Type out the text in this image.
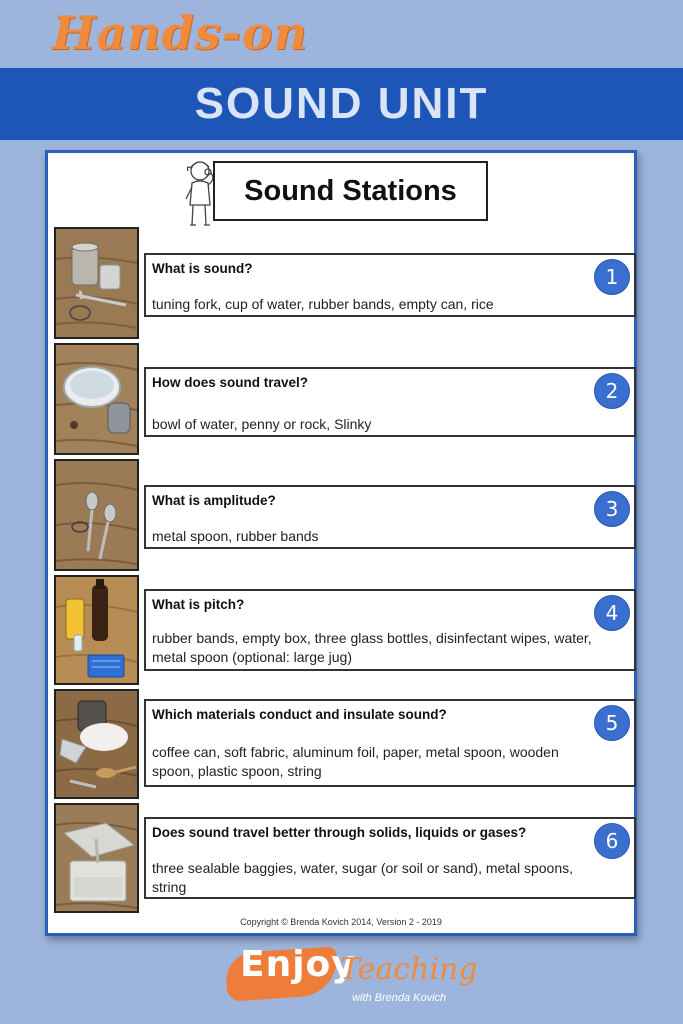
Hands-on
SOUND UNIT
Sound Stations
What is sound?
tuning fork, cup of water, rubber bands, empty can, rice
1
How does sound travel?
bowl of water, penny or rock, Slinky
2
What is amplitude?
metal spoon, rubber bands
3
What is pitch?
rubber bands, empty box, three glass bottles, disinfectant wipes, water, metal spoon (optional: large jug)
4
Which materials conduct and insulate sound?
coffee can, soft fabric, aluminum foil, paper, metal spoon, wooden spoon, plastic spoon, string
5
Does sound travel better through solids, liquids or gases?
three sealable baggies, water, sugar (or soil or sand), metal spoons, string
6
Copyright © Brenda Kovich 2014, Version 2 - 2019
Enjoy
Teaching
with Brenda Kovich
